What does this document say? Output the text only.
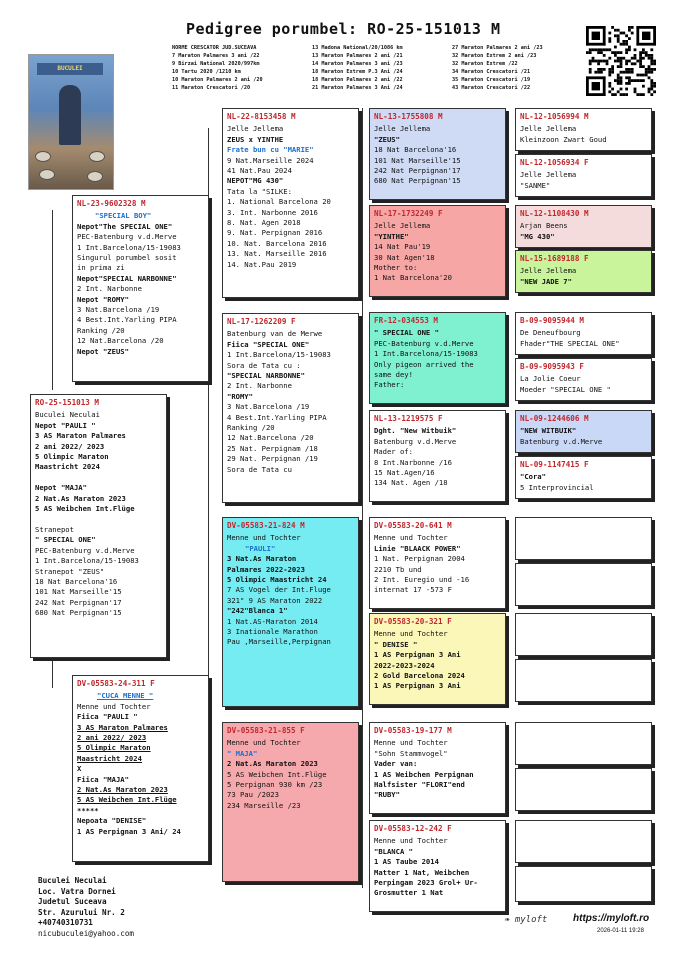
Pedigree porumbel: RO-25-151013 M
NORME CRESCATOR JUD.SUCEAVA	13 Madona National/20/1086 km	27 Maraton Palmares 2 ani /23
7 Maraton Palmares 3 ani /22	13 Maraton Palmares 2 ani /21	32 Maraton Extrem 2 ani /23
9 Birzai National 2020/997km	14 Maraton Palmares 3 ani /23	32 Maraton Extrem /22
10 Tartu 2020 /1210 km	18 Maraton Extrem P.3 Ani /24	34 Maraton Crescatori /21
10 Maraton Palmares 2 ani /20	18 Maraton Palmares 2 ani /22	35 Maraton Crescatori /19
11 Maraton Crescatori /20	21 Maraton Palmares 3 Ani /24	43 Maraton Crescatori /22
BUCULEI
RO-25-151013 M
Buculei Neculai
Nepot "PAULI "
3 AS Maraton Palmares
2 ani 2022/ 2023
5 Olimpic Maraton
Maastricht 2024

Nepot "MAJA"
2 Nat.As Maraton 2023
5 AS Weibchen Int.Flüge

Stranepot
" SPECIAL ONE"
PEC-Batenburg v.d.Merve
1 Int.Barcelona/15-19083
Stranepot "ZEUS"
18 Nat Barcelona'16
101 Nat Marseille'15
242 Nat Perpignan'17
680 Nat Perpignan'15
NL-23-9602328 M
"SPECIAL BOY"
Nepot"The SPECIAL ONE"
PEC-Batenburg v.d.Merve
1 Int.Barcelona/15-19083
Singurul porumbel sosit
in prima zi
Nepot"SPECIAL NARBONNE"
2 Int. Narbonne
Nepot "ROMY"
3 Nat.Barcelona /19
4 Best.Int.Yarling PIPA
Ranking /20
12 Nat.Barcelona /20
Nepot "ZEUS"
DV-05583-24-311 F
"CUCA MENNE "
Menne und Tochter
Fiica "PAULI "
3 AS Maraton Palmares
2 ani 2022/ 2023
5 Olimpic Maraton
Maastricht 2024
X
Fiica "MAJA"
2 Nat.As Maraton 2023
5 AS Weibchen Int.Flüge
*****
Nepoata "DENISE"
1 AS Perpignan 3 Ani/ 24
NL-22-8153458 M
Jelle Jellema
ZEUS x YINTHE
Frate bun cu "MARIE"
9 Nat.Marseille 2024
41 Nat.Pau 2024
NEPOT"MG 430"
Tata la "SILKE:
1. National Barcelona 20
3. Int. Narbonne 2016
8. Nat. Agen 2018
9. Nat. Perpignan 2016
10. Nat. Barcelona 2016
13. Nat. Marseille 2016
14. Nat.Pau 2019
NL-17-1262209 F
Batenburg van de Merwe
Fiica "SPECIAL ONE"
1 Int.Barcelona/15-19083
Sora de Tata cu :
"SPECIAL NARBONNE"
2 Int. Narbonne
"ROMY"
3 Nat.Barcelona /19
4 Best.Int.Yarling PIPA
Ranking /20
12 Nat.Barcelona /20
25 Nat. Perpignam /18
29 Nat. Perpignan /19
Sora de Tata cu
DV-05583-21-824 M
Menne und Tochter
"PAULI"
3 Nat.As Maraton
Palmares 2022-2023
5 Olimpic Maastricht 24
7 AS Vogel der Int.Fluge
321" 9 AS Maraton 2022
"242"Blanca 1"
1 Nat.AS-Maraton 2014
3 Inationale Marathon
Pau ,Marseille,Perpignan
DV-05583-21-855 F
Menne und Tochter
" MAJA"
2 Nat.As Maraton 2023
5 AS Weibchen Int.Flüge
5 Perpignan 930 km /23
73 Pau /2023
234 Marseille /23
NL-13-1755808 M
Jelle Jellema
"ZEUS"
18 Nat Barcelona'16
101 Nat Marseille'15
242 Nat Perpignan'17
680 Nat Perpignan'15
NL-17-1732249 F
Jelle Jellema
"YINTHE"
14 Nat Pau'19
30 Nat Agen'18
Mother to:
1 Nat Barcelona'20
FR-12-034553 M
" SPECIAL ONE "
PEC-Batenburg v.d.Merve
1 Int.Barcelona/15-19083
Only pigeon arrived the
same dey!
Father:
NL-13-1219575 F
Dght. "New Witbuik"
Batenburg v.d.Merve
Mader of:
8 Int.Narbonne /16
15 Nat.Agen/16
134 Nat. Agen /18
DV-05583-20-641 M
Menne und Tochter
Linie "BLAACK POWER"
1 Nat. Perpignan 2004
2210 Tb und
2 Int. Euregio und -16
internat 17 -573 F
DV-05583-20-321 F
Menne und Tochter
" DENISE "
1 AS Perpignan 3 Ani
2022-2023-2024
2 Gold Barcelona 2024
1 AS Perpignan 3 Ani
DV-05583-19-177 M
Menne und Tochter
"Sohn Stammvogel"
Vader van:
1 AS Weibchen Perpignan
Halfsister "FLORI"end
"RUBY"
DV-05583-12-242 F
Menne und Tochter
"BLANCA "
1 AS Taube 2014
Matter 1 Nat, Weibchen
Perpingam 2023 Grol+ Ur-
Grosmutter 1 Nat
NL-12-1056994 M
Jelle Jellema
Kleinzoon Zwart Goud
NL-12-1056934 F
Jelle Jellema
"SANME"
NL-12-1108430 M
Arjan Beens
"MG 430"
NL-15-1689188 F
Jelle Jellema
"NEW JADE 7"
B-09-9095944 M
De Deneufbourg
Fhader"THE SPECIAL ONE"
B-09-9095943 F
La Jolie Coeur
Moeder "SPECIAL ONE "
NL-09-1244606 M
"NEW WITBUIK"
Batenburg v.d.Merve
NL-09-1147415 F
"Cora"
5 Interprovincial
Buculei Neculai
Loc. Vatra Dornei
Judetul Suceava
Str. Azurului Nr. 2
+40740310731
nicubuculei@yahoo.com
❧ myloft	https://myloft.ro
2026-01-11 19:28
